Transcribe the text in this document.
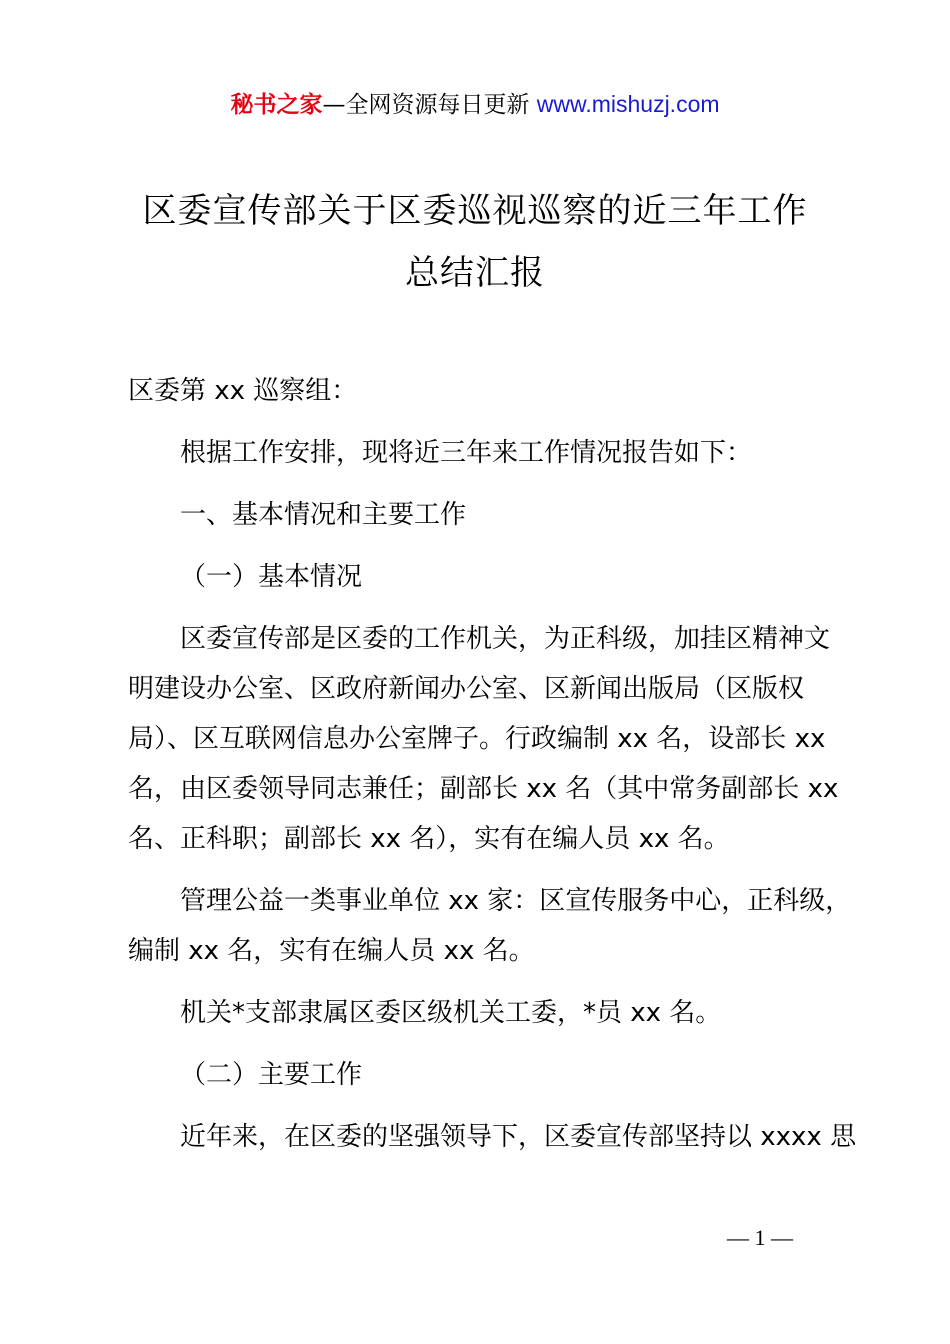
秘书之家—全网资源每日更新 www.mishuzj.com
区委宣传部关于区委巡视巡察的近三年工作
总结汇报
区委第 xx 巡察组：
根据工作安排，现将近三年来工作情况报告如下：
一、基本情况和主要工作
（一）基本情况
区委宣传部是区委的工作机关，为正科级，加挂区精神文
明建设办公室、区政府新闻办公室、区新闻出版局（区版权
局）、区互联网信息办公室牌子。行政编制 xx 名，设部长 xx
名，由区委领导同志兼任；副部长 xx 名（其中常务副部长 xx
名、正科职；副部长 xx 名），实有在编人员 xx 名。
管理公益一类事业单位 xx 家：区宣传服务中心，正科级，
编制 xx 名，实有在编人员 xx 名。
机关*支部隶属区委区级机关工委，*员 xx 名。
（二）主要工作
近年来，在区委的坚强领导下，区委宣传部坚持以 xxxx 思
— 1 —
